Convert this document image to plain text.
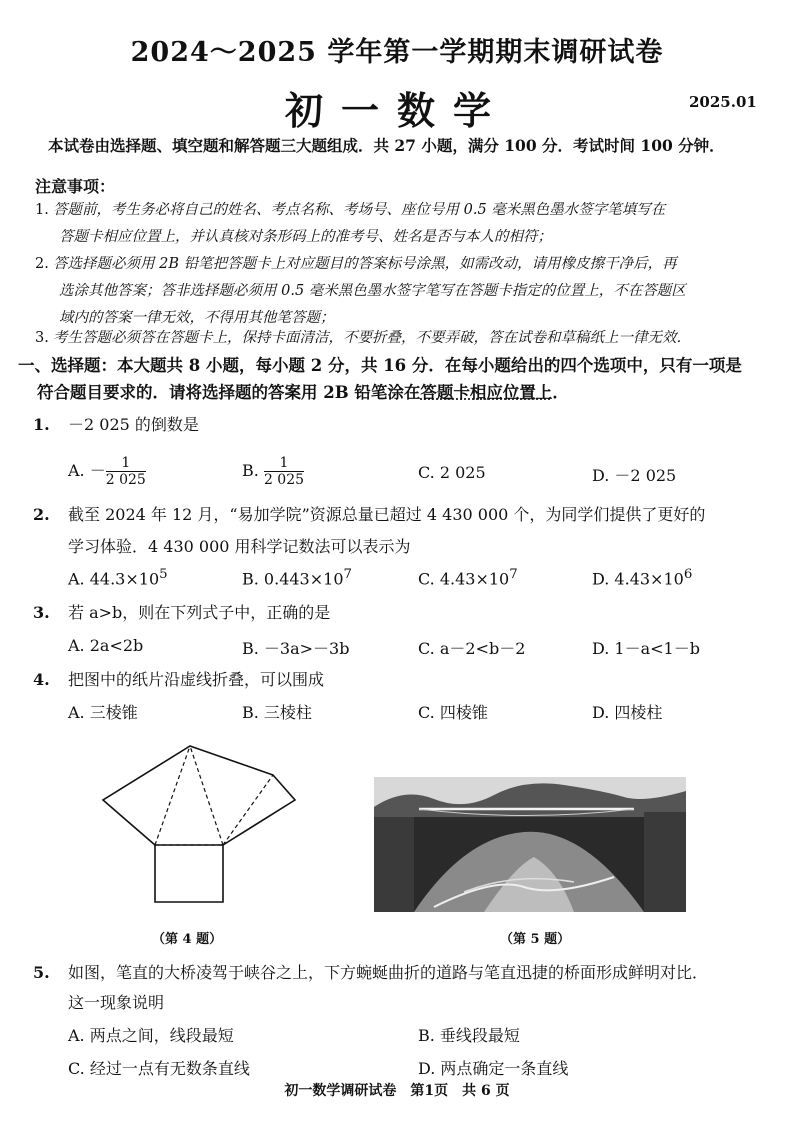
2024～2025 学年第一学期期末调研试卷
初一数学	2025.01
本试卷由选择题、填空题和解答题三大题组成．共 27 小题，满分 100 分．考试时间 100 分钟．
注意事项：
1. 答题前，考生务必将自己的姓名、考点名称、考场号、座位号用 0.5 毫米黑色墨水签字笔填写在
答题卡相应位置上，并认真核对条形码上的准考号、姓名是否与本人的相符；
2. 答选择题必须用 2B 铅笔把答题卡上对应题目的答案标号涂黑，如需改动，请用橡皮擦干净后，再
选涂其他答案；答非选择题必须用 0.5 毫米黑色墨水签字笔写在答题卡指定的位置上，不在答题区
域内的答案一律无效，不得用其他笔答题；
3. 考生答题必须答在答题卡上，保持卡面清洁，不要折叠，不要弄破，答在试卷和草稿纸上一律无效．
一、选择题：本大题共 8 小题，每小题 2 分，共 16 分．在每小题给出的四个选项中，只有一项是
符合题目要求的．请将选择题的答案用 2B 铅笔涂在答题卡相应位置上．
1. －2 025 的倒数是
A. － $\frac{1}{2 025}$	B. $\frac{1}{2 025}$	C. 2 025	D. －2 025
2. 截至 2024 年 12 月，“易加学院”资源总量已超过 4 430 000 个，为同学们提供了更好的
学习体验．4 430 000 用科学记数法可以表示为
A. $44.3\times 10^5$	B. $0.443\times 10^7$	C. $4.43\times 10^7$	D. $4.43\times 10^6$
3. 若 a>b，则在下列式子中，正确的是
A. 2a<2b	B. －3a>－3b	C. a－2<b－2	D. 1－a<1－b
4. 把图中的纸片沿虚线折叠，可以围成
A. 三棱锥	B. 三棱柱	C. 四棱锥	D. 四棱柱
（第 4 题）	（第 5 题）
5. 如图，笔直的大桥凌驾于峡谷之上，下方蜿蜒曲折的道路与笔直迅捷的桥面形成鲜明对比．
这一现象说明
A. 两点之间，线段最短	B. 垂线段最短
C. 经过一点有无数条直线	D. 两点确定一条直线
初一数学调研试卷　第1页　共 6 页
